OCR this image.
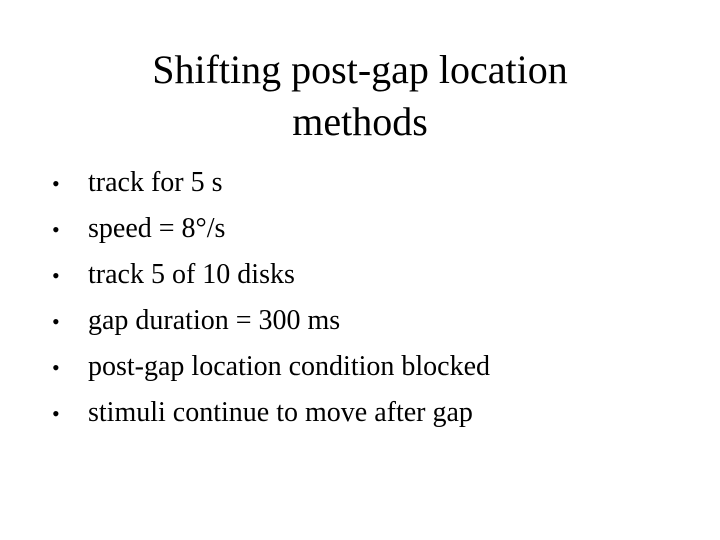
Shifting post-gap location
methods
•	track for 5 s
•	speed = 8°/s
•	track 5 of 10 disks
•	gap duration = 300 ms
•	post-gap location condition blocked
•	stimuli continue to move after gap
